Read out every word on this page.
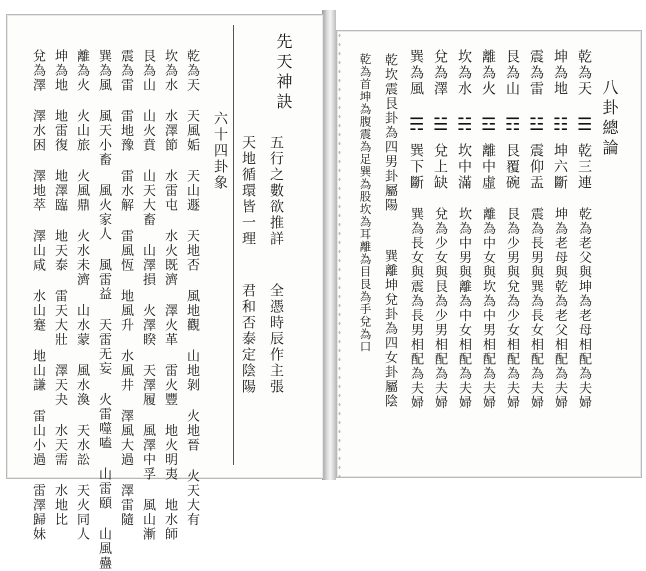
先天神訣
五行之數欲推詳
全憑時辰作主張
天地循環皆一理
君和否泰定陰陽
六十四卦象
乾為天 天風姤 天山遯 天地否 風地觀 山地剝 火地晉 火天大有
坎為水 水澤節 水雷屯 水火既濟 澤火革 雷火豐 地火明夷 地水師
艮為山 山火賁 山天大畜 山澤損 火澤睽 天澤履 風澤中孚 風山漸
震為雷 雷地豫 雷水解 雷風恆 地風升 水風井 澤風大過 澤雷隨
巽為風 風天小畜 風火家人 風雷益 天雷无妄 火雷噬嗑 山雷頤 山風蠱
離為火 火山旅 火風鼎 火水未濟 山水蒙 風水渙 天水訟 天火同人
坤為地 地雷復 地澤臨 地天泰 雷天大壯 澤天夬 水天需 水地比
兌為澤 澤水困 澤地萃 澤山咸 水山蹇 地山謙 雷山小過 雷澤歸妹	八卦總論
乾為天
坤為地
震為雷
艮為山
離為火
坎為水
兌為澤
巽為風
☰
☷
☳
☶
☲
☵
☱
☴
乾三連
坤六斷
震仰盂
艮覆碗
離中虛
坎中滿
兌上缺
巽下斷
乾為老父與坤為老母相配為夫婦
坤為老母與乾為老父相配為夫婦
震為長男與巽為長女相配為夫婦
艮為少男與兌為少女相配為夫婦
離為中女與坎為中男相配為夫婦
坎為中男與離為中女相配為夫婦
兌為少女與艮為少男相配為夫婦
巽為長女與震為長男相配為夫婦
乾坎震艮卦為四男卦屬陽
巽離坤兌卦為四女卦屬陰
乾為首坤為腹震為足巽為股坎為耳離為目艮為手兌為口
